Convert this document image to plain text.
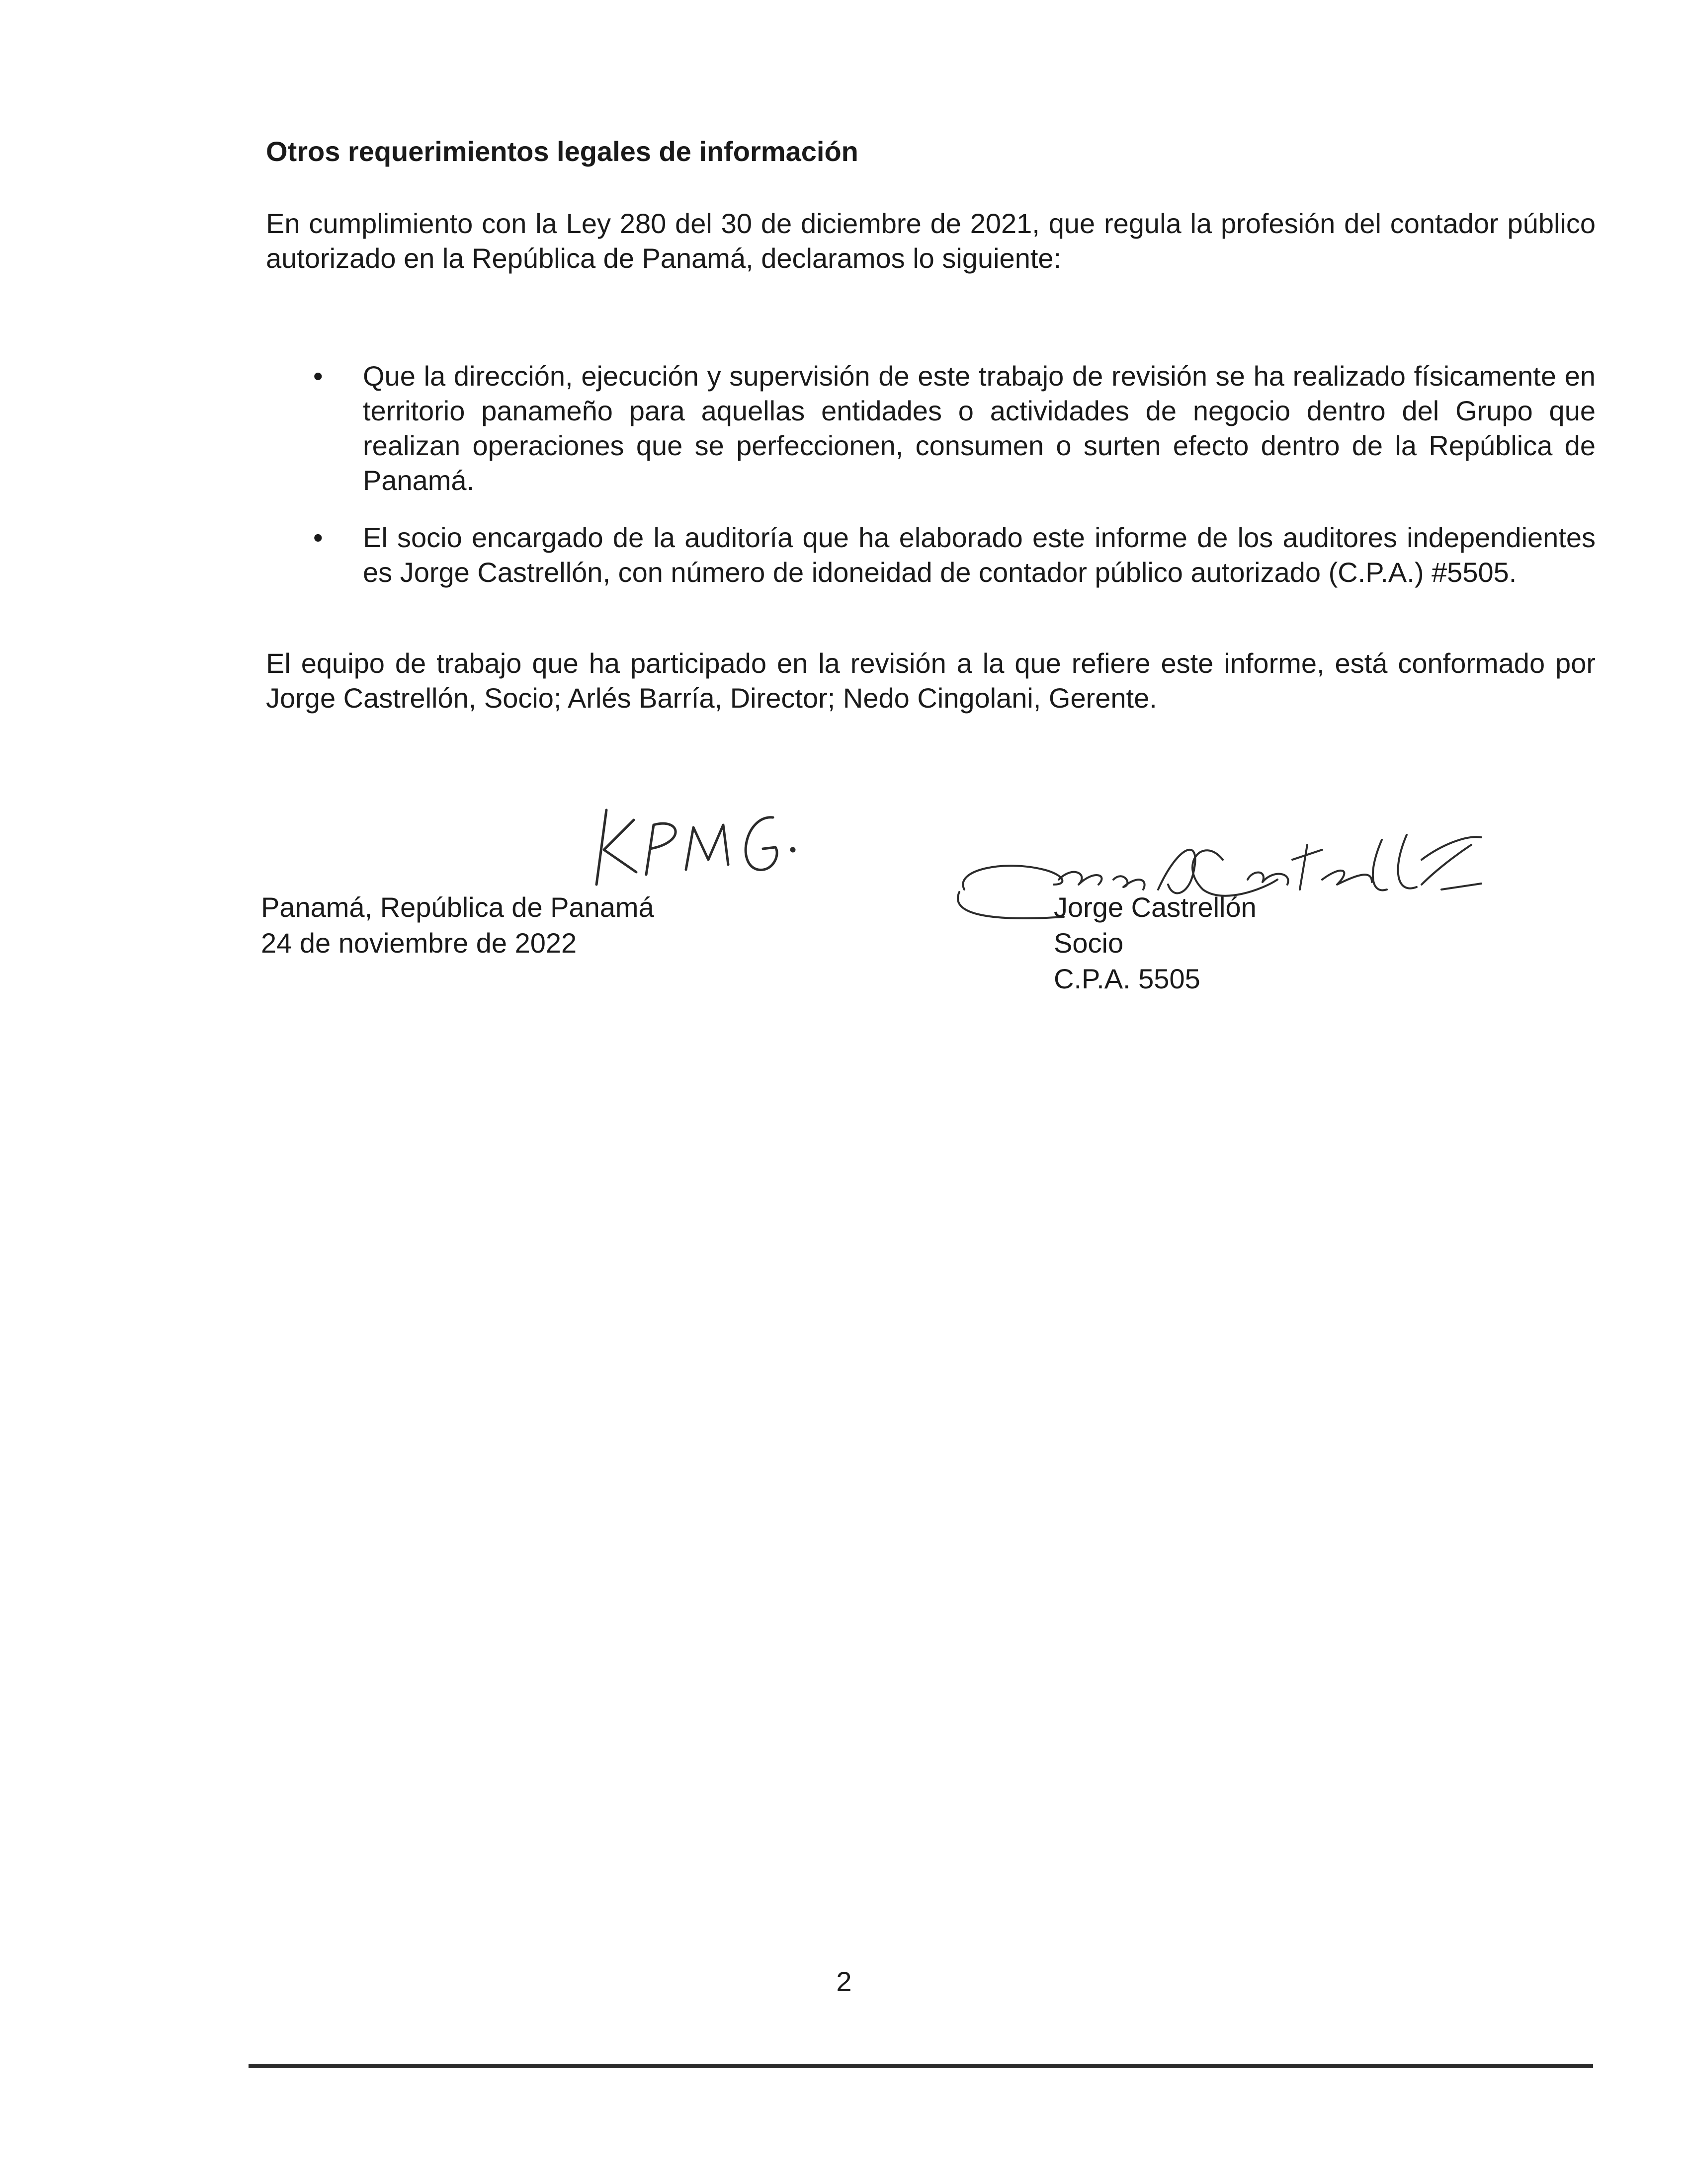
Otros requerimientos legales de información

En cumplimiento con la Ley 280 del 30 de diciembre de 2021, que regula la profesión del contador público autorizado en la República de Panamá, declaramos lo siguiente:

•	Que la dirección, ejecución y supervisión de este trabajo de revisión se ha realizado físicamente en territorio panameño para aquellas entidades o actividades de negocio dentro del Grupo que realizan operaciones que se perfeccionen, consumen o surten efecto dentro de la República de Panamá.
•	El socio encargado de la auditoría que ha elaborado este informe de los auditores independientes es Jorge Castrellón, con número de idoneidad de contador público autorizado (C.P.A.) #5505.

El equipo de trabajo que ha participado en la revisión a la que refiere este informe, está conformado por Jorge Castrellón, Socio; Arlés Barría, Director; Nedo Cingolani, Gerente.

Panamá, República de Panamá
24 de noviembre de 2022
Jorge Castrellón
Socio
C.P.A. 5505
2
